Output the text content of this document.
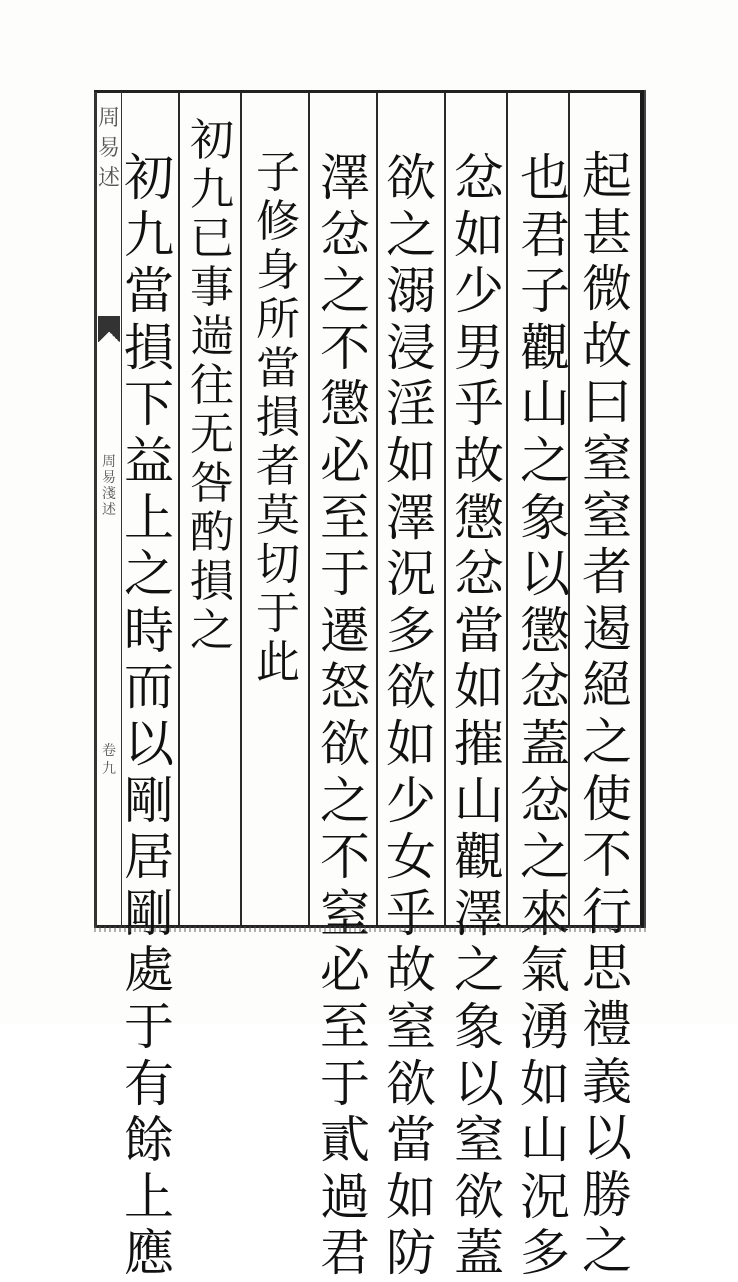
周易述
周易淺述
卷九
起甚微故曰窒窒者遏絕之使不行思禮義以勝之
也君子觀山之象以懲忿蓋忿之來氣湧如山況多
忿如少男乎故懲忿當如摧山觀澤之象以窒欲蓋
欲之溺浸淫如澤況多欲如少女乎故窒欲當如防
澤忿之不懲必至于遷怒欲之不窒必至于貳過君
子修身所當損者莫切于此
初九已事遄往无咎酌損之
初九當損下益上之時而以剛居剛處于有餘上應
